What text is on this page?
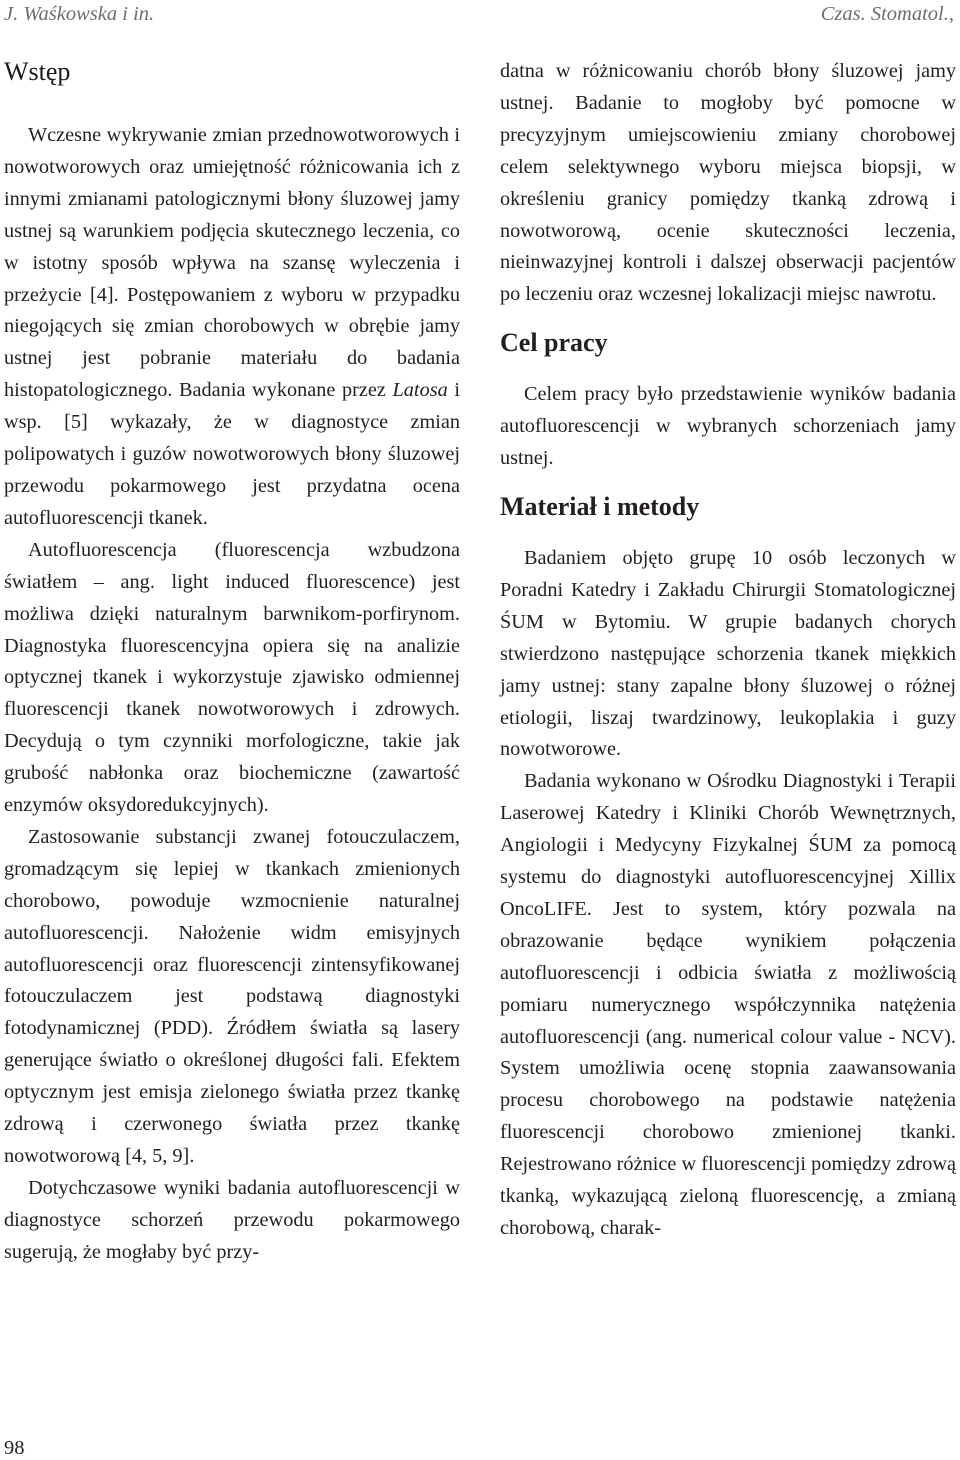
J. Waśkowska i in.	Czas. Stomatol.,
Wstęp

Wczesne wykrywanie zmian przednowotworowych i nowotworowych oraz umiejętność różnicowania ich z innymi zmianami patologicznymi błony śluzowej jamy ustnej są warunkiem podjęcia skutecznego leczenia, co w istotny sposób wpływa na szansę wyleczenia i przeżycie [4]. Postępowaniem z wyboru w przypadku niegojących się zmian chorobowych w obrębie jamy ustnej jest pobranie materiału do badania histopatologicznego. Badania wykonane przez Latosa i wsp. [5] wykazały, że w diagnostyce zmian polipowatych i guzów nowotworowych błony śluzowej przewodu pokarmowego jest przydatna ocena autofluorescencji tkanek.

Autofluorescencja (fluorescencja wzbudzona światłem – ang. light induced fluorescence) jest możliwa dzięki naturalnym barwnikom-porfirynom. Diagnostyka fluorescencyjna opiera się na analizie optycznej tkanek i wykorzystuje zjawisko odmiennej fluorescencji tkanek nowotworowych i zdrowych. Decydują o tym czynniki morfologiczne, takie jak grubość nabłonka oraz biochemiczne (zawartość enzymów oksydoredukcyjnych).

Zastosowanie substancji zwanej fotouczulaczem, gromadzącym się lepiej w tkankach zmienionych chorobowo, powoduje wzmocnienie naturalnej autofluorescencji. Nałożenie widm emisyjnych autofluorescencji oraz fluorescencji zintensyfikowanej fotouczulaczem jest podstawą diagnostyki fotodynamicznej (PDD). Źródłem światła są lasery generujące światło o określonej długości fali. Efektem optycznym jest emisja zielonego światła przez tkankę zdrową i czerwonego światła przez tkankę nowotworową [4, 5, 9].

Dotychczasowe wyniki badania autofluorescencji w diagnostyce schorzeń przewodu pokarmowego sugerują, że mogłaby być przy-

datna w różnicowaniu chorób błony śluzowej jamy ustnej. Badanie to mogłoby być pomocne w precyzyjnym umiejscowieniu zmiany chorobowej celem selektywnego wyboru miejsca biopsji, w określeniu granicy pomiędzy tkanką zdrową i nowotworową, ocenie skuteczności leczenia, nieinwazyjnej kontroli i dalszej obserwacji pacjentów po leczeniu oraz wczesnej lokalizacji miejsc nawrotu.

Cel pracy

Celem pracy było przedstawienie wyników badania autofluorescencji w wybranych schorzeniach jamy ustnej.

Materiał i metody

Badaniem objęto grupę 10 osób leczonych w Poradni Katedry i Zakładu Chirurgii Stomatologicznej ŚUM w Bytomiu. W grupie badanych chorych stwierdzono następujące schorzenia tkanek miękkich jamy ustnej: stany zapalne błony śluzowej o różnej etiologii, liszaj twardzinowy, leukoplakia i guzy nowotworowe.

Badania wykonano w Ośrodku Diagnostyki i Terapii Laserowej Katedry i Kliniki Chorób Wewnętrznych, Angiologii i Medycyny Fizykalnej ŚUM za pomocą systemu do diagnostyki autofluorescencyjnej Xillix OncoLIFE. Jest to system, który pozwala na obrazowanie będące wynikiem połączenia autofluorescencji i odbicia światła z możliwością pomiaru numerycznego współczynnika natężenia autofluorescencji (ang. numerical colour value - NCV). System umożliwia ocenę stopnia zaawansowania procesu chorobowego na podstawie natężenia fluorescencji chorobowo zmienionej tkanki. Rejestrowano różnice w fluorescencji pomiędzy zdrową tkanką, wykazującą zieloną fluorescencję, a zmianą chorobową, charak-

98
